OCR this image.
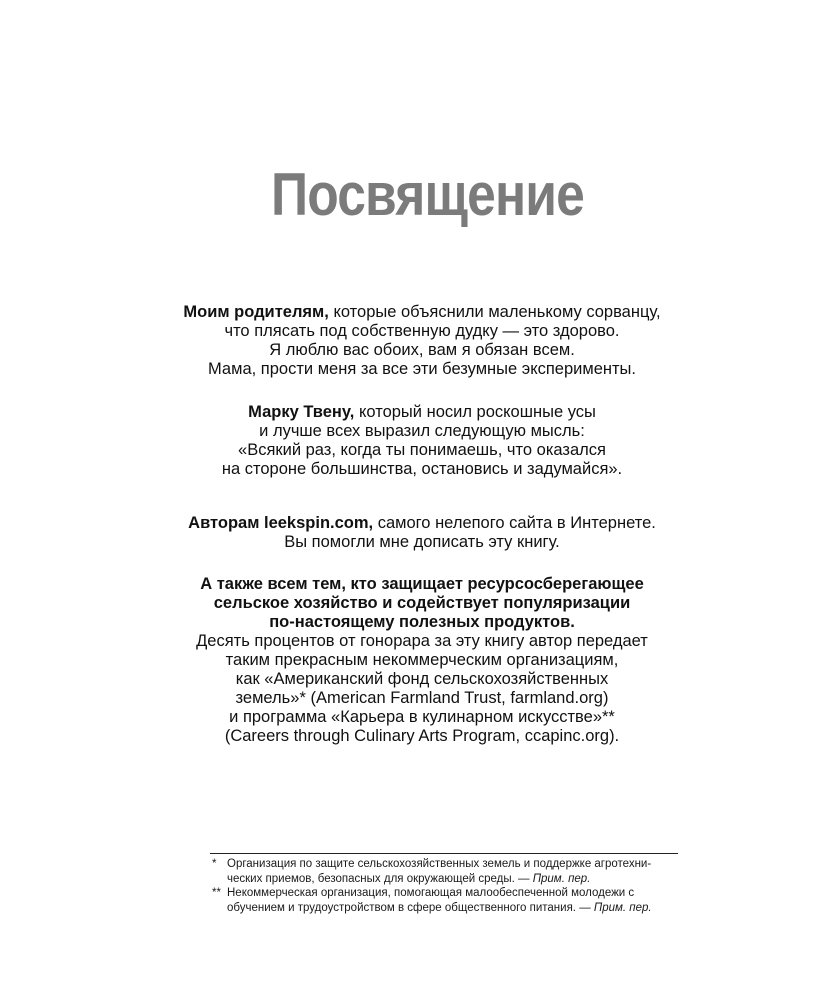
Посвящение
Моим родителям, которые объяснили маленькому сорванцу,
что плясать под собственную дудку — это здорово.
Я люблю вас обоих, вам я обязан всем.
Мама, прости меня за все эти безумные эксперименты.
Марку Твену, который носил роскошные усы
и лучше всех выразил следующую мысль:
«Всякий раз, когда ты понимаешь, что оказался
на стороне большинства, остановись и задумайся».
Авторам leekspin.com, самого нелепого сайта в Интернете.
Вы помогли мне дописать эту книгу.
А также всем тем, кто защищает ресурсосберегающее
сельское хозяйство и содействует популяризации
по-настоящему полезных продуктов.
Десять процентов от гонорара за эту книгу автор передает
таким прекрасным некоммерческим организациям,
как «Американский фонд сельскохозяйственных
земель»* (American Farmland Trust, farmland.org)
и программа «Карьера в кулинарном искусстве»**
(Careers through Culinary Arts Program, ccapinc.org).
* Организация по защите сельскохозяйственных земель и поддержке агротехни-
ческих приемов, безопасных для окружающей среды. — Прим. пер.
** Некоммерческая организация, помогающая малообеспеченной молодежи с
обучением и трудоустройством в сфере общественного питания. — Прим. пер.
